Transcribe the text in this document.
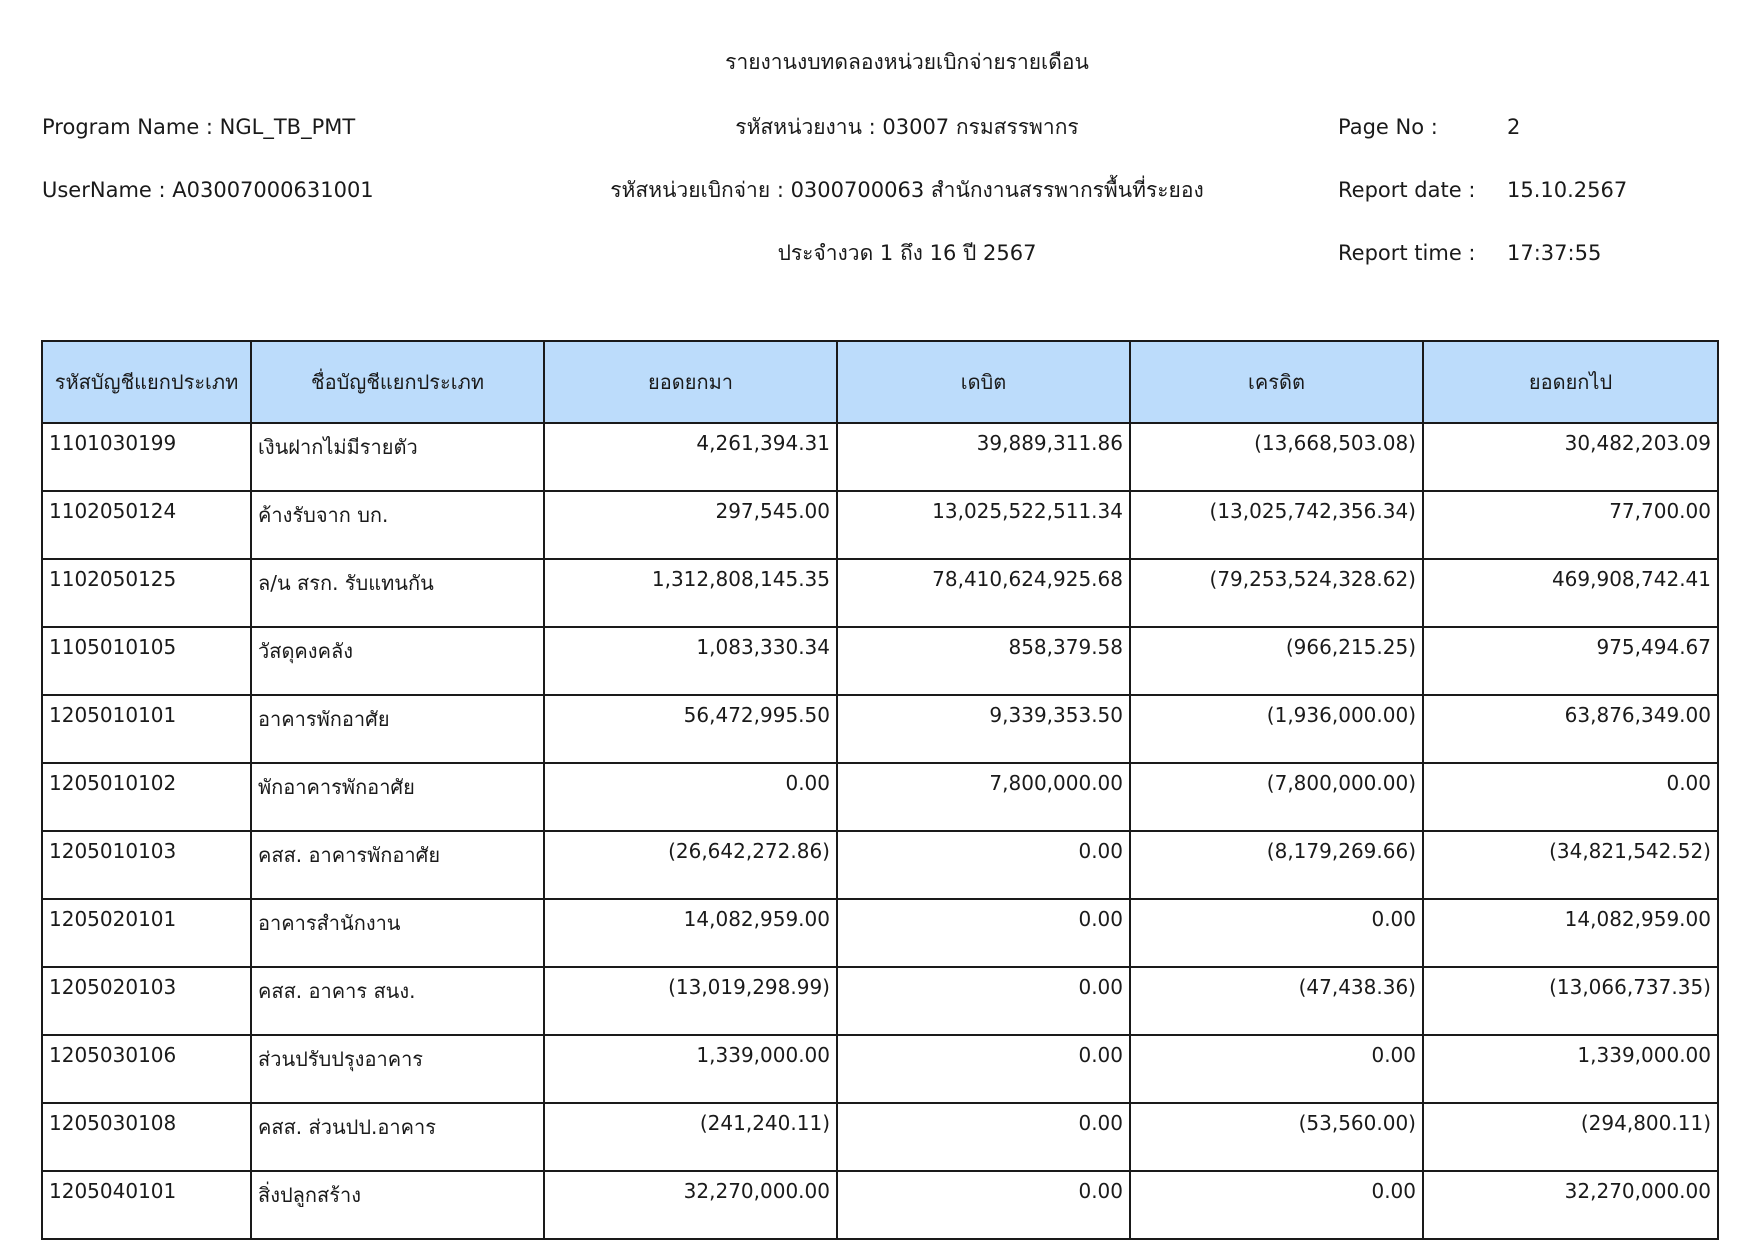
รายงานงบทดลองหน่วยเบิกจ่ายรายเดือน
Program Name : NGL_TB_PMT	รหัสหน่วยงาน : 03007 กรมสรรพากร	Page No :	2
UserName : A03007000631001	รหัสหน่วยเบิกจ่าย : 0300700063 สำนักงานสรรพากรพื้นที่ระยอง	Report date : 15.10.2567
ประจำงวด 1 ถึง 16 ปี 2567	Report time : 17:37:55
รหัสบัญชีแยกประเภท	ชื่อบัญชีแยกประเภท	ยอดยกมา	เดบิต	เครดิต	ยอดยกไป
1101030199	เงินฝากไม่มีรายตัว	4,261,394.31	39,889,311.86	(13,668,503.08)	30,482,203.09
1102050124	ค้างรับจาก บก.	297,545.00	13,025,522,511.34	(13,025,742,356.34)	77,700.00
1102050125	ล/น สรก. รับแทนกัน	1,312,808,145.35	78,410,624,925.68	(79,253,524,328.62)	469,908,742.41
1105010105	วัสดุคงคลัง	1,083,330.34	858,379.58	(966,215.25)	975,494.67
1205010101	อาคารพักอาศัย	56,472,995.50	9,339,353.50	(1,936,000.00)	63,876,349.00
1205010102	พักอาคารพักอาศัย	0.00	7,800,000.00	(7,800,000.00)	0.00
1205010103	คสส. อาคารพักอาศัย	(26,642,272.86)	0.00	(8,179,269.66)	(34,821,542.52)
1205020101	อาคารสำนักงาน	14,082,959.00	0.00	0.00	14,082,959.00
1205020103	คสส. อาคาร สนง.	(13,019,298.99)	0.00	(47,438.36)	(13,066,737.35)
1205030106	ส่วนปรับปรุงอาคาร	1,339,000.00	0.00	0.00	1,339,000.00
1205030108	คสส. ส่วนปป.อาคาร	(241,240.11)	0.00	(53,560.00)	(294,800.11)
1205040101	สิ่งปลูกสร้าง	32,270,000.00	0.00	0.00	32,270,000.00
